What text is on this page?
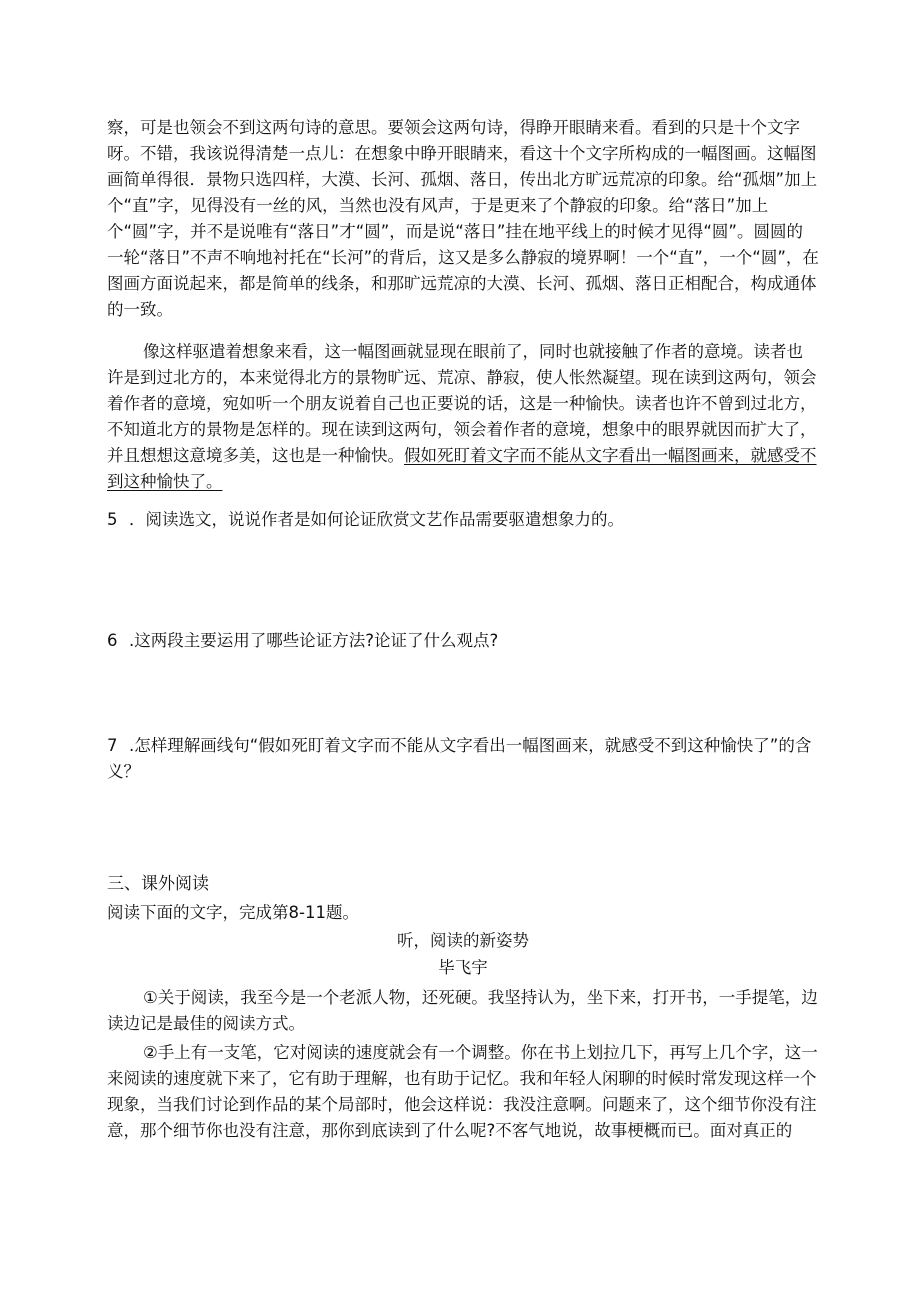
察，可是也领会不到这两句诗的意思。要领会这两句诗，得睁开眼睛来看。看到的只是十个文字呀。不错，我该说得清楚一点儿：在想象中睁开眼睛来，看这十个文字所构成的一幅图画。这幅图画简单得很．景物只选四样，大漠、长河、孤烟、落日，传出北方旷远荒凉的印象。给“孤烟”加上个“直”字，见得没有一丝的风，当然也没有风声，于是更来了个静寂的印象。给“落日”加上个“圆”字，并不是说唯有“落日”才“圆”，而是说“落日”挂在地平线上的时候才见得“圆”。圆圆的一轮“落日”不声不响地衬托在“长河”的背后，这又是多么静寂的境界啊！一个“直”，一个“圆”，在图画方面说起来，都是简单的线条，和那旷远荒凉的大漠、长河、孤烟、落日正相配合，构成通体的一致。
像这样驱遣着想象来看，这一幅图画就显现在眼前了，同时也就接触了作者的意境。读者也许是到过北方的，本来觉得北方的景物旷远、荒凉、静寂，使人怅然凝望。现在读到这两句，领会着作者的意境，宛如听一个朋友说着自己也正要说的话，这是一种愉快。读者也许不曾到过北方，不知道北方的景物是怎样的。现在读到这两句，领会着作者的意境，想象中的眼界就因而扩大了，并且想想这意境多美，这也是一种愉快。假如死盯着文字而不能从文字看出一幅图画来，就感受不到这种愉快了。
5 ．阅读选文，说说作者是如何论证欣赏文艺作品需要驱遣想象力的。
6 .这两段主要运用了哪些论证方法?论证了什么观点?
7 .怎样理解画线句“假如死盯着文字而不能从文字看出一幅图画来，就感受不到这种愉快了”的含义？
三、课外阅读
阅读下面的文字，完成第8-11题。
听，阅读的新姿势
毕飞宇
①关于阅读，我至今是一个老派人物，还死硬。我坚持认为，坐下来，打开书，一手提笔，边读边记是最佳的阅读方式。
②手上有一支笔，它对阅读的速度就会有一个调整。你在书上划拉几下，再写上几个字，这一来阅读的速度就下来了，它有助于理解，也有助于记忆。我和年轻人闲聊的时候时常发现这样一个现象，当我们讨论到作品的某个局部时，他会这样说：我没注意啊。问题来了，这个细节你没有注意，那个细节你也没有注意，那你到底读到了什么呢?不客气地说，故事梗概而已。面对真正的
